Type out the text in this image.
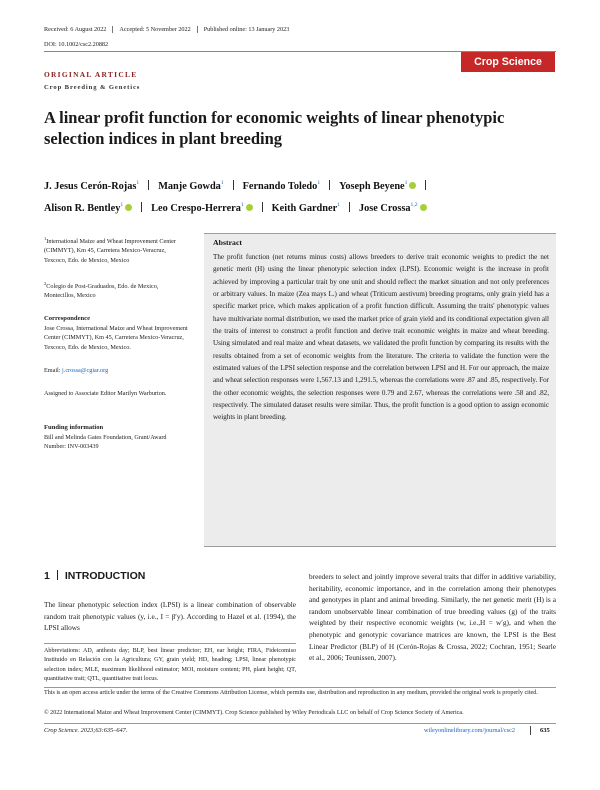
Received: 6 August 2022 Accepted: 5 November 2022 Published online: 13 January 2023
DOI: 10.1002/csc2.20882
Crop Science
ORIGINAL ARTICLE
Crop Breeding & Genetics
A linear profit function for economic weights of linear phenotypic selection indices in plant breeding
J. Jesus Cerón-Rojas$^1$ Manje Gowda$^1$ Fernando Toledo$^1$ Yoseph Beyene$^1$
Alison R. Bentley$^1$	Leo Crespo-Herrera$^1$	Keith Gardner$^1$ Jose Crossa$^{1,2}$
$^1$International Maize and Wheat Improvement Center (CIMMYT), Km 45, Carretera Mexico-Veracruz, Texcoco, Edo. de Mexico, Mexico
$^2$Colegio de Post-Graduados, Edo. de Mexico, Montecillos, Mexico
Correspondence
Jose Crossa, International Maize and Wheat Improvement Center (CIMMYT), Km 45, Carretera Mexico-Veracruz, Texcoco, Edo. de Mexico, Mexico.
Email: j.crossa@cgiar.org
Assigned to Associate Editor Marilyn Warburton.
Funding information
Bill and Melinda Gates Foundation, Grant/Award Number: INV-003439
Abstract

The profit function (net returns minus costs) allows breeders to derive trait economic weights to predict the net genetic merit (H) using the linear phenotypic selection index (LPSI). Economic weight is the increase in profit achieved by improving a particular trait by one unit and should reflect the market situation and not only preferences or arbitrary values. In maize (Zea mays L.) and wheat (Triticum aestivum) breeding programs, only grain yield has a specific market price, which makes application of a profit function difficult. Assuming the traits' phenotypic values have multivariate normal distribution, we used the market price of grain yield and its conditional expectation given all the traits of interest to construct a profit function and derive trait economic weights in maize and wheat breeding. Using simulated and real maize and wheat datasets, we validated the profit function by comparing its results with the results obtained from a set of economic weights from the literature. The criteria to validate the function were the estimated values of the LPSI selection response and the correlation between LPSI and H. For our approach, the maize and wheat selection responses were 1,567.13 and 1,291.5, whereas the correlations were .87 and .85, respectively. For the other economic weights, the selection responses were 0.79 and 2.67, whereas the correlations were .58 and .82, respectively. The simulated dataset results were similar. Thus, the profit function is a good option to assign economic weights in plant breeding.

1 INTRODUCTION

The linear phenotypic selection index (LPSI) is a linear combination of observable random trait phenotypic values (y, i.e., I = β′y). According to Hazel et al. (1994), the LPSI allows

breeders to select and jointly improve several traits that differ in additive variability, heritability, economic importance, and in the correlation among their phenotypes and genotypes in plant and animal breeding. Similarly, the net genetic merit (H) is a random unobservable linear combination of true breeding values (g) of the traits weighted by their respective economic weights (w, i.e.,H = w′g), and when the phenotypic and genotypic covariance matrices are known, the LPSI is the Best Linear Predictor (BLP) of H (Cerón-Rojas & Crossa, 2022; Cochran, 1951; Searle et al., 2006; Teunissen, 2007).

Abbreviations: AD, anthesis day; BLP, best linear predictor; EH, ear height; FIRA, Fideicomiso Instituido en Relación con la Agricultura; GY, grain yield; HD, heading; LPSI, linear phenotypic selection index; MLE, maximum likelihood estimator; MOI, moisture content; PH, plant height; QT, quantitative trait; QTL, quantitative trait locus.

This is an open access article under the terms of the Creative Commons Attribution License, which permits use, distribution and reproduction in any medium, provided the original work is properly cited.

© 2022 International Maize and Wheat Improvement Center (CIMMYT). Crop Science published by Wiley Periodicals LLC on behalf of Crop Science Society of America.

Crop Science. 2023;63:635–647.	wileyonlinelibrary.com/journal/csc2	635
